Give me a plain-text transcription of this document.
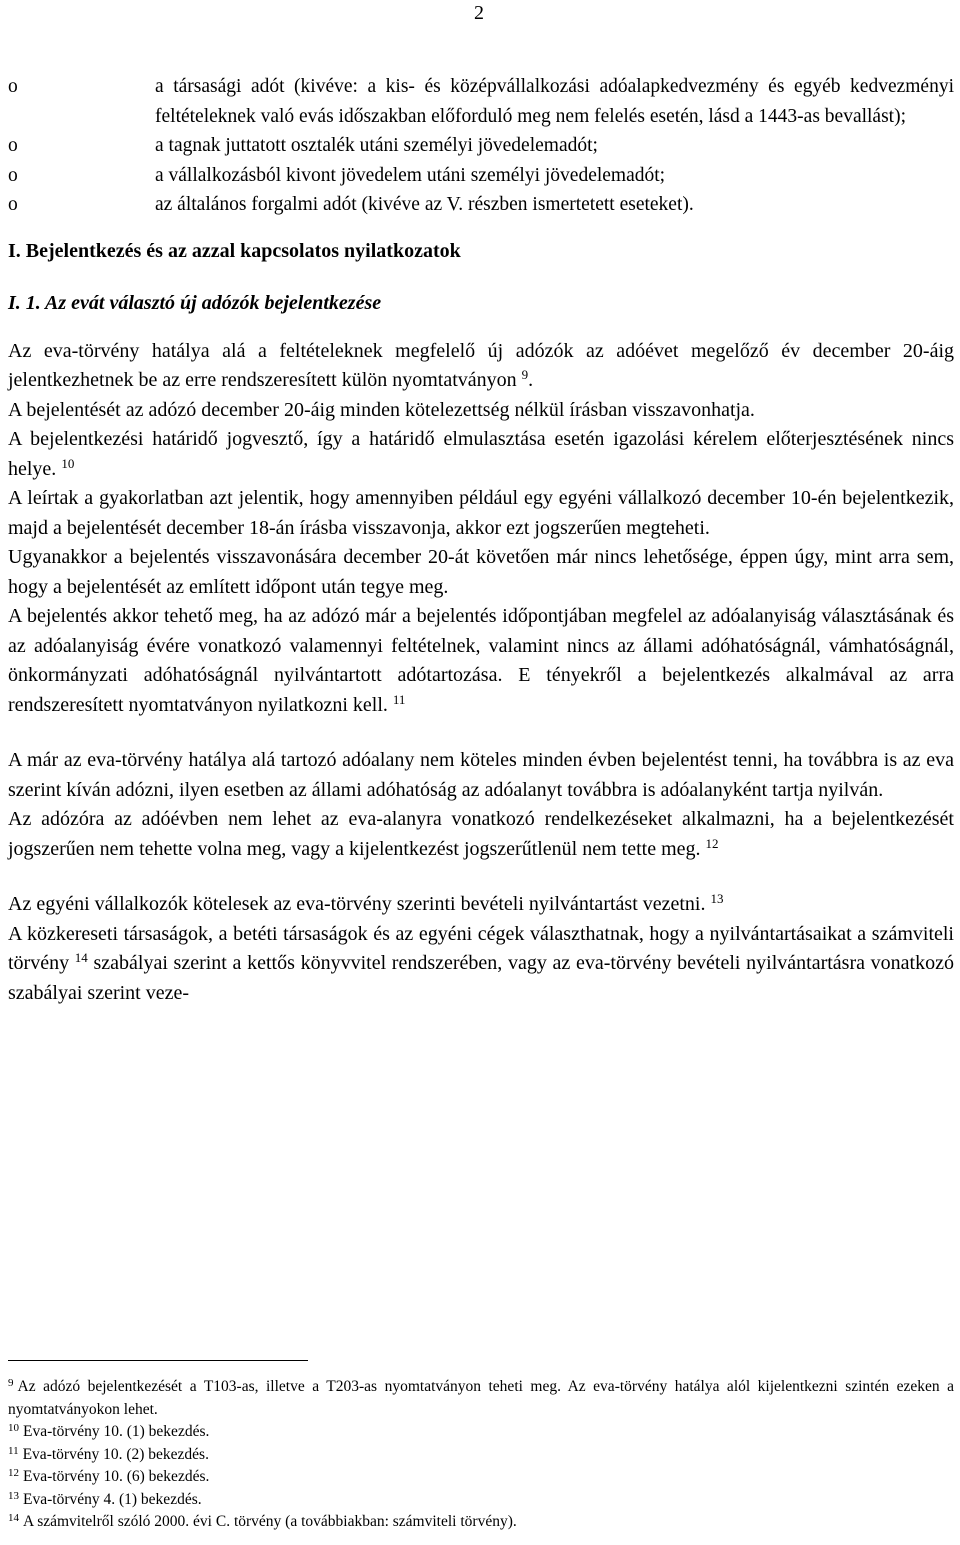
2
o	a társasági adót (kivéve: a kis- és középvállalkozási adóalapkedvezmény és egyéb kedvezményi feltételeknek való evás időszakban előforduló meg nem felelés esetén, lásd a 1443-as bevallást);
o	a tagnak juttatott osztalék utáni személyi jövedelemadót;
o	a vállalkozásból kivont jövedelem utáni személyi jövedelemadót;
o	az általános forgalmi adót (kivéve az V. részben ismertetett eseteket).
I. Bejelentkezés és az azzal kapcsolatos nyilatkozatok
I. 1. Az evát választó új adózók bejelentkezése

Az eva-törvény hatálya alá a feltételeknek megfelelő új adózók az adóévet megelőző év december 20-áig jelentkezhetnek be az erre rendszeresített külön nyomtatványon $^9$.

A bejelentését az adózó december 20-áig minden kötelezettség nélkül írásban visszavonhatja.

A bejelentkezési határidő jogvesztő, így a határidő elmulasztása esetén igazolási kérelem előterjesztésének nincs helye. $^{10}$

A leírtak a gyakorlatban azt jelentik, hogy amennyiben például egy egyéni vállalkozó december 10-én bejelentkezik, majd a bejelentését december 18-án írásba visszavonja, akkor ezt jogszerűen megteheti.

Ugyanakkor a bejelentés visszavonására december 20-át követően már nincs lehetősége, éppen úgy, mint arra sem, hogy a bejelentését az említett időpont után tegye meg.

A bejelentés akkor tehető meg, ha az adózó már a bejelentés időpontjában megfelel az adóalanyiság választásának és az adóalanyiság évére vonatkozó valamennyi feltételnek, valamint nincs az állami adóhatóságnál, vámhatóságnál, önkormányzati adóhatóságnál nyilvántartott adótartozása. E tényekről a bejelentkezés alkalmával az arra rendszeresített nyomtatványon nyilatkozni kell. $^{11}$

A már az eva-törvény hatálya alá tartozó adóalany nem köteles minden évben bejelentést tenni, ha továbbra is az eva szerint kíván adózni, ilyen esetben az állami adóhatóság az adóalanyt továbbra is adóalanyként tartja nyilván.

Az adózóra az adóévben nem lehet az eva-alanyra vonatkozó rendelkezéseket alkalmazni, ha a bejelentkezését jogszerűen nem tehette volna meg, vagy a kijelentkezést jogszerűtlenül nem tette meg. $^{12}$

Az egyéni vállalkozók kötelesek az eva-törvény szerinti bevételi nyilvántartást vezetni. $^{13}$

A közkereseti társaságok, a betéti társaságok és az egyéni cégek választhatnak, hogy a nyilvántartásaikat a számviteli törvény $^{14}$ szabályai szerint a kettős könyvvitel rendszerében, vagy az eva-törvény bevételi nyilvántartásra vonatkozó szabályai szerint veze-

$^9$ Az adózó bejelentkezését a T103-as, illetve a T203-as nyomtatványon teheti meg. Az eva-törvény hatálya alól kijelentkezni szintén ezeken a nyomtatványokon lehet.

$^{10}$ Eva-törvény 10. (1) bekezdés.

$^{11}$ Eva-törvény 10. (2) bekezdés.

$^{12}$ Eva-törvény 10. (6) bekezdés.

$^{13}$ Eva-törvény 4. (1) bekezdés.

$^{14}$ A számvitelről szóló 2000. évi C. törvény (a továbbiakban: számviteli törvény).
